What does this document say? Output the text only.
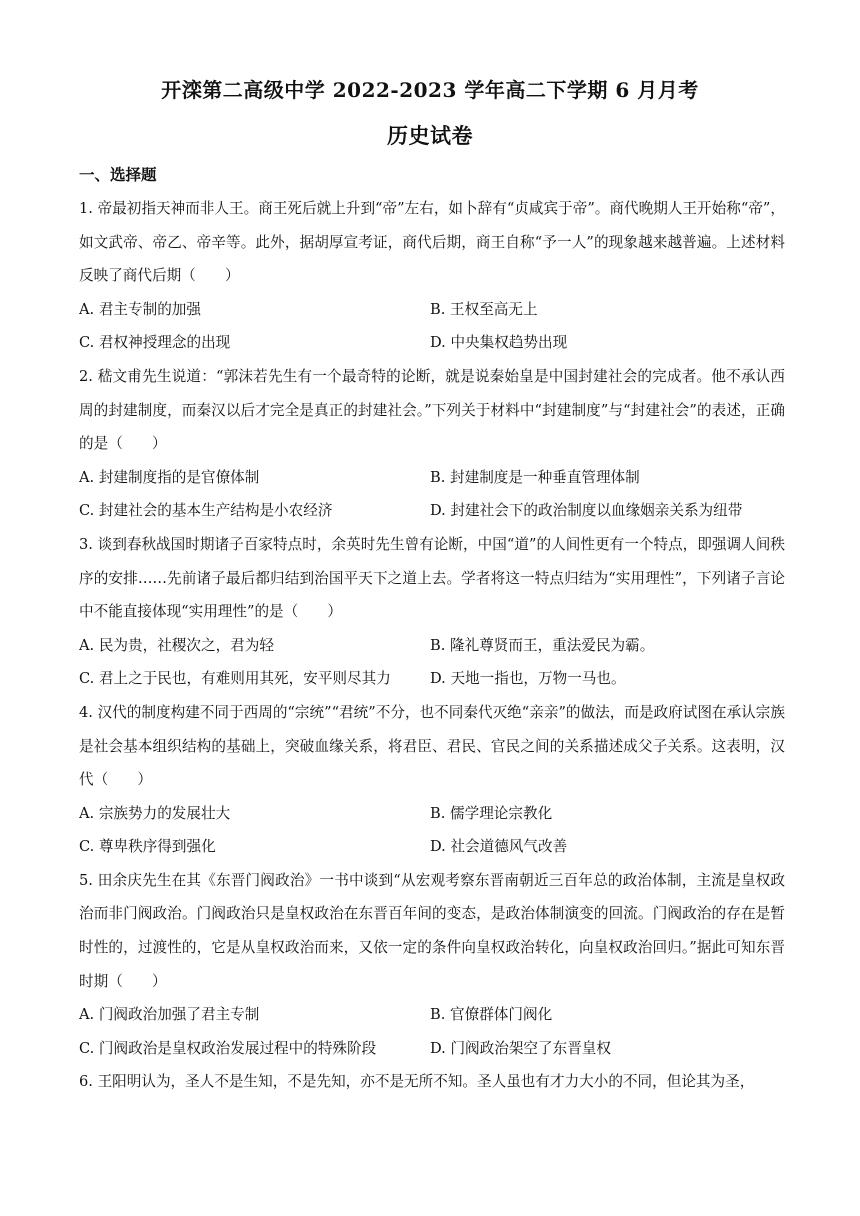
开滦第二高级中学 2022-2023 学年高二下学期 6 月月考
历史试卷
一、选择题

1. 帝最初指天神而非人王。商王死后就上升到“帝”左右，如卜辞有“贞咸宾于帝”。商代晚期人王开始称“帝”，如文武帝、帝乙、帝辛等。此外，据胡厚宣考证，商代后期，商王自称“予一人”的现象越来越普遍。上述材料反映了商代后期（　　）

A. 君主专制的加强	B. 王权至高无上
C. 君权神授理念的出现	D. 中央集权趋势出现

2. 嵇文甫先生说道：“郭沫若先生有一个最奇特的论断，就是说秦始皇是中国封建社会的完成者。他不承认西周的封建制度，而秦汉以后才完全是真正的封建社会。”下列关于材料中“封建制度”与“封建社会”的表述，正确的是（　　）

A. 封建制度指的是官僚体制	B. 封建制度是一种垂直管理体制
C. 封建社会的基本生产结构是小农经济	D. 封建社会下的政治制度以血缘姻亲关系为纽带

3. 谈到春秋战国时期诸子百家特点时，余英时先生曾有论断，中国“道”的人间性更有一个特点，即强调人间秩序的安排……先前诸子最后都归结到治国平天下之道上去。学者将这一特点归结为“实用理性”，下列诸子言论中不能直接体现“实用理性”的是（　　）

A. 民为贵，社稷次之，君为轻	B. 隆礼尊贤而王，重法爱民为霸。
C. 君上之于民也，有难则用其死，安平则尽其力	D. 天地一指也，万物一马也。

4. 汉代的制度构建不同于西周的“宗统”“君统”不分，也不同秦代灭绝“亲亲”的做法，而是政府试图在承认宗族是社会基本组织结构的基础上，突破血缘关系，将君臣、君民、官民之间的关系描述成父子关系。这表明，汉代（　　）

A. 宗族势力的发展壮大	B. 儒学理论宗教化
C. 尊卑秩序得到强化	D. 社会道德风气改善

5. 田余庆先生在其《东晋门阀政治》一书中谈到“从宏观考察东晋南朝近三百年总的政治体制，主流是皇权政治而非门阀政治。门阀政治只是皇权政治在东晋百年间的变态，是政治体制演变的回流。门阀政治的存在是暂时性的，过渡性的，它是从皇权政治而来，又依一定的条件向皇权政治转化，向皇权政治回归。”据此可知东晋时期（　　）

A. 门阀政治加强了君主专制	B. 官僚群体门阀化
C. 门阀政治是皇权政治发展过程中的特殊阶段	D. 门阀政治架空了东晋皇权

6. 王阳明认为，圣人不是生知，不是先知，亦不是无所不知。圣人虽也有才力大小的不同，但论其为圣，
